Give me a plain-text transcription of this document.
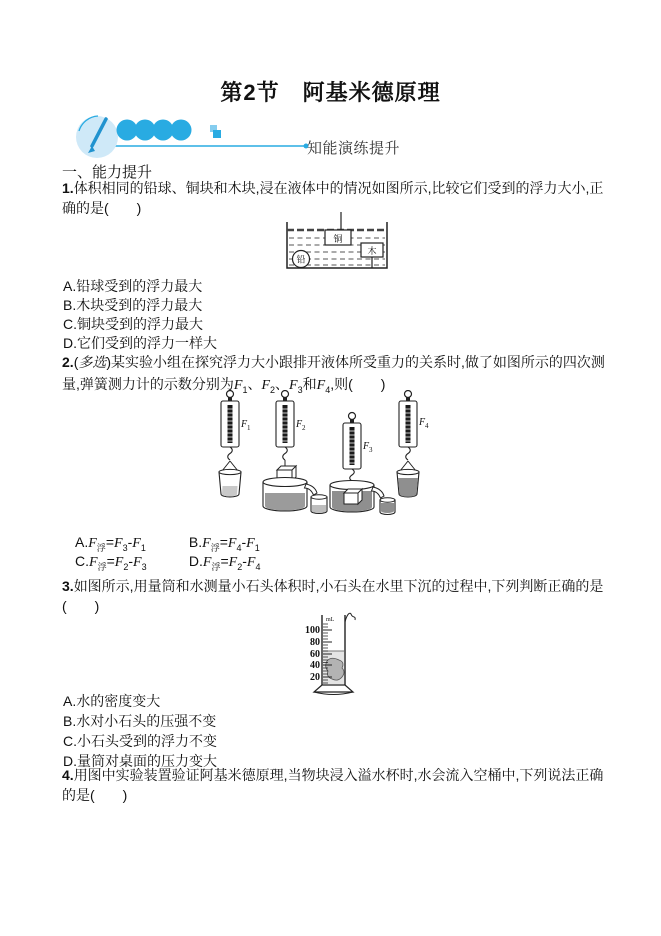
第2节　阿基米德原理
知能演练提升
一、能力提升

1.体积相同的铅球、铜块和木块,浸在液体中的情况如图所示,比较它们受到的浮力大小,正确的是(　　)

铜
木
铅
A.铅球受到的浮力最大
B.木块受到的浮力最大
C.铜块受到的浮力最大
D.它们受到的浮力一样大

2.(多选)某实验小组在探究浮力大小跟排开液体所受重力的关系时,做了如图所示的四次测量,弹簧测力计的示数分别为$F_1$、$F_2$、$F_3$和$F_4$,则(　　)

F 1	F 2
F 3
F 4
$A.F_浮=F_3-F_1$	$B.F_浮=F_4-F_1$
$C.F_浮=F_2-F_3$	$D.F_浮=F_2-F_4$

3.如图所示,用量筒和水测量小石头体积时,小石头在水里下沉的过程中,下列判断正确的是(　　)

100
80
60
40
20
mL
A.水的密度变大
B.水对小石头的压强不变
C.小石头受到的浮力不变
D.量筒对桌面的压力变大

4.用图中实验装置验证阿基米德原理,当物块浸入溢水杯时,水会流入空桶中,下列说法正确的是(　　)
